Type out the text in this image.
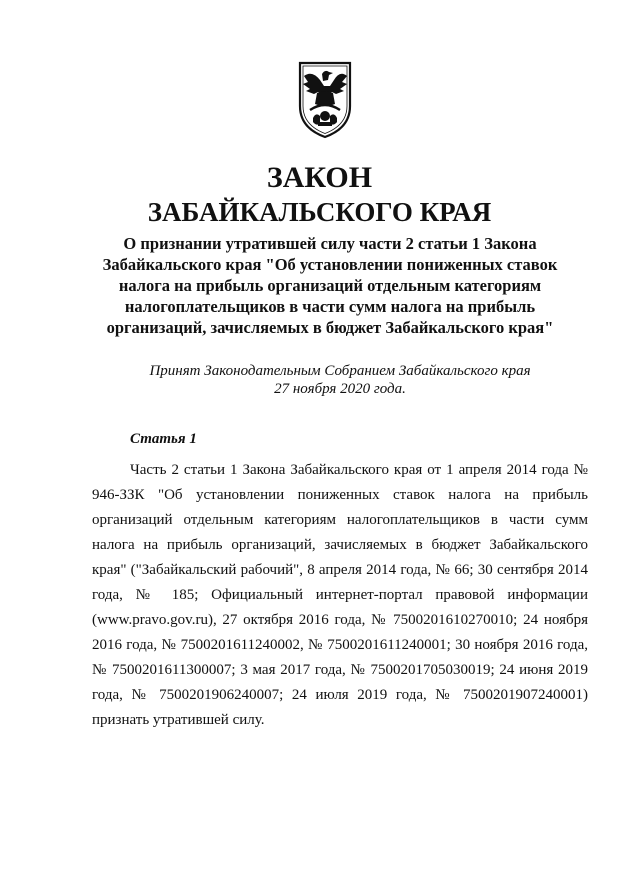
ЗАКОН
ЗАБАЙКАЛЬСКОГО КРАЯ
О признании утратившей силу части 2 статьи 1 Закона Забайкальского края "Об установлении пониженных ставок налога на прибыль организаций отдельным категориям налогоплательщиков в части сумм налога на прибыль организаций, зачисляемых в бюджет Забайкальского края"
Принят Законодательным Собранием Забайкальского края
27 ноября 2020 года.
Статья 1

Часть 2 статьи 1 Закона Забайкальского края от 1 апреля 2014 года № 946-ЗЗК "Об установлении пониженных ставок налога на прибыль организаций отдельным категориям налогоплательщиков в части сумм налога на прибыль организаций, зачисляемых в бюджет Забайкальского края" ("Забайкальский рабочий", 8 апреля 2014 года, № 66; 30 сентября 2014 года, № 185; Официальный интернет-портал правовой информации (www.pravo.gov.ru), 27 октября 2016 года, № 7500201610270010; 24 ноября 2016 года, № 7500201611240002, № 7500201611240001; 30 ноября 2016 года, № 7500201611300007; 3 мая 2017 года, № 7500201705030019; 24 июня 2019 года, № 7500201906240007; 24 июля 2019 года, № 7500201907240001) признать утратившей силу.
